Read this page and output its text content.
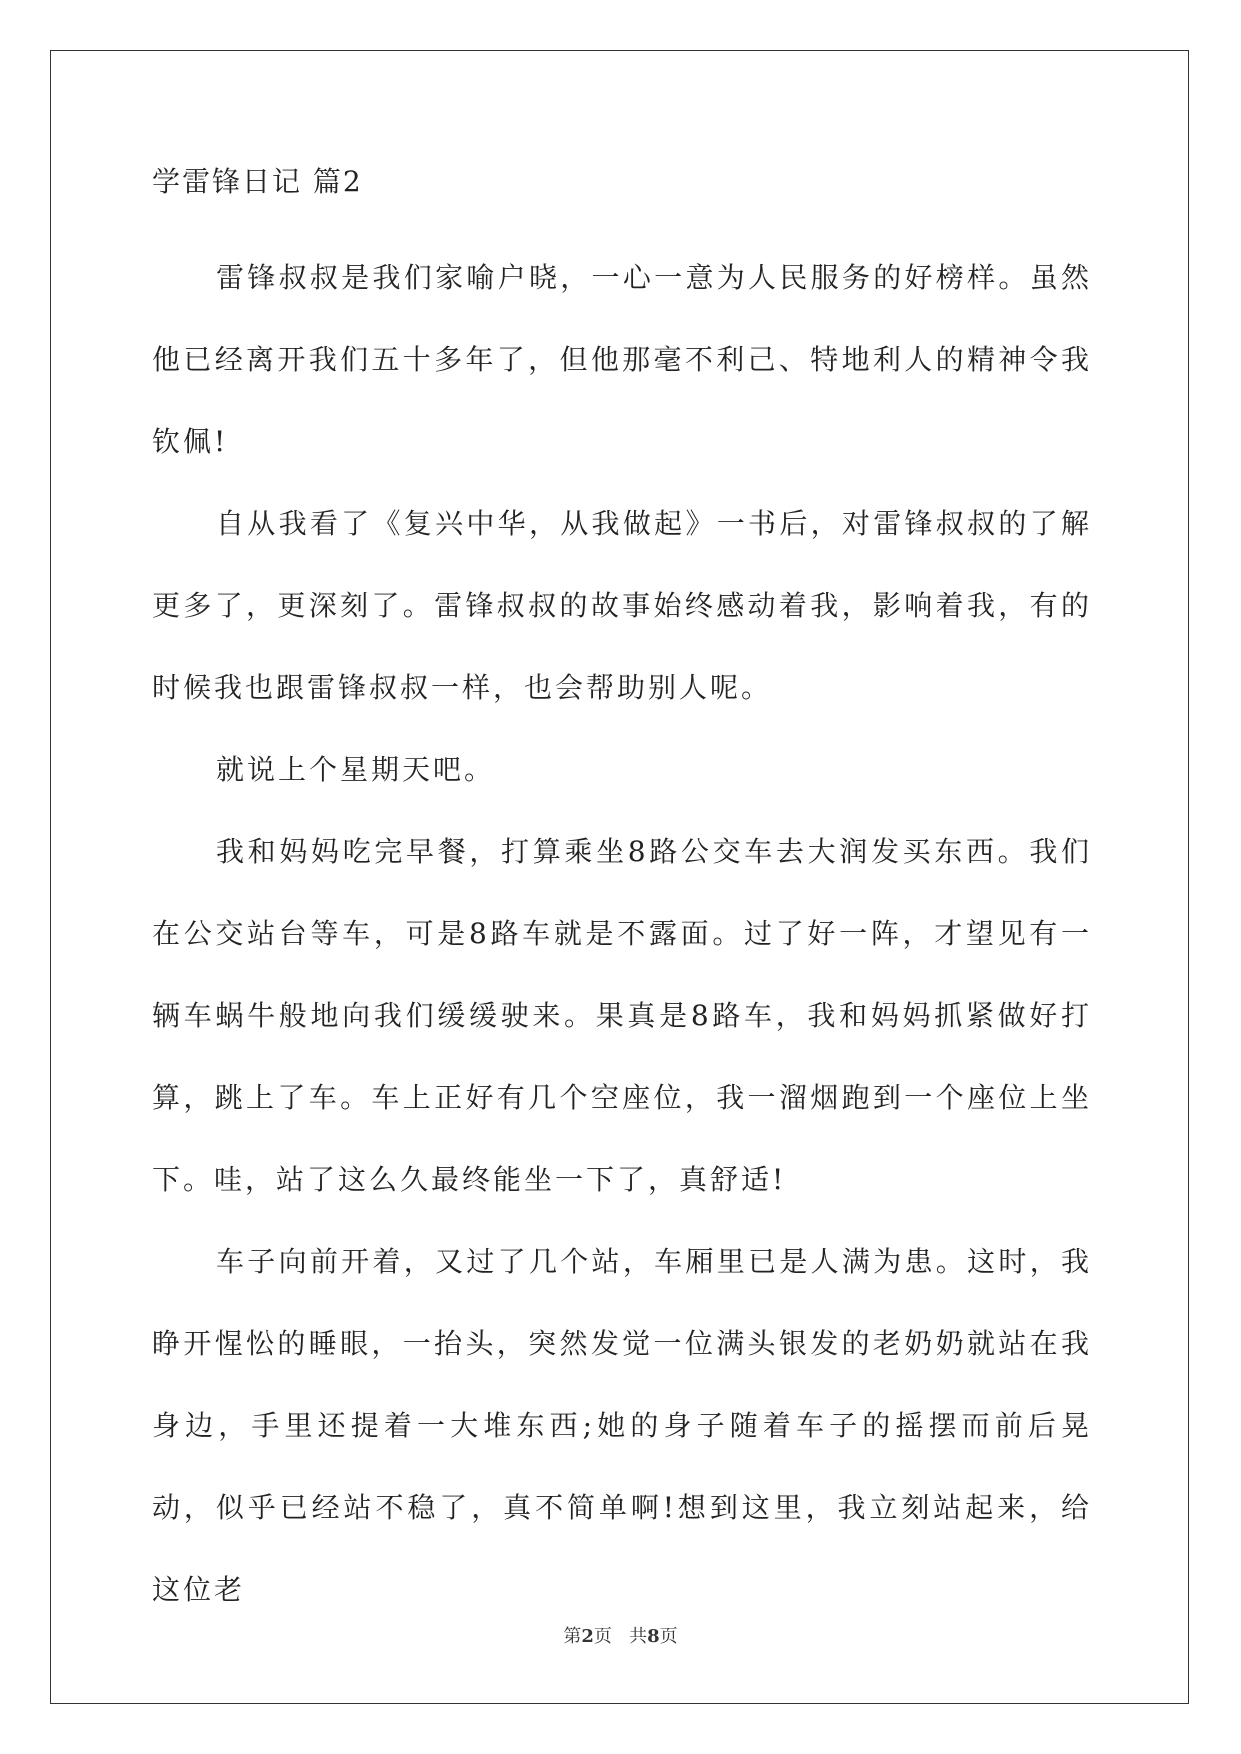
学雷锋日记 篇2

雷锋叔叔是我们家喻户晓，一心一意为人民服务的好榜样。虽然他已经离开我们五十多年了，但他那毫不利己、特地利人的精神令我钦佩!

自从我看了《复兴中华，从我做起》一书后，对雷锋叔叔的了解更多了，更深刻了。雷锋叔叔的故事始终感动着我，影响着我，有的时候我也跟雷锋叔叔一样，也会帮助别人呢。

就说上个星期天吧。

我和妈妈吃完早餐，打算乘坐8路公交车去大润发买东西。我们在公交站台等车，可是8路车就是不露面。过了好一阵，才望见有一辆车蜗牛般地向我们缓缓驶来。果真是8路车，我和妈妈抓紧做好打算，跳上了车。车上正好有几个空座位，我一溜烟跑到一个座位上坐下。哇，站了这么久最终能坐一下了，真舒适!

车子向前开着，又过了几个站，车厢里已是人满为患。这时，我睁开惺忪的睡眼，一抬头，突然发觉一位满头银发的老奶奶就站在我身边，手里还提着一大堆东西;她的身子随着车子的摇摆而前后晃动，似乎已经站不稳了，真不简单啊!想到这里，我立刻站起来，给这位老

第2页   共8页
